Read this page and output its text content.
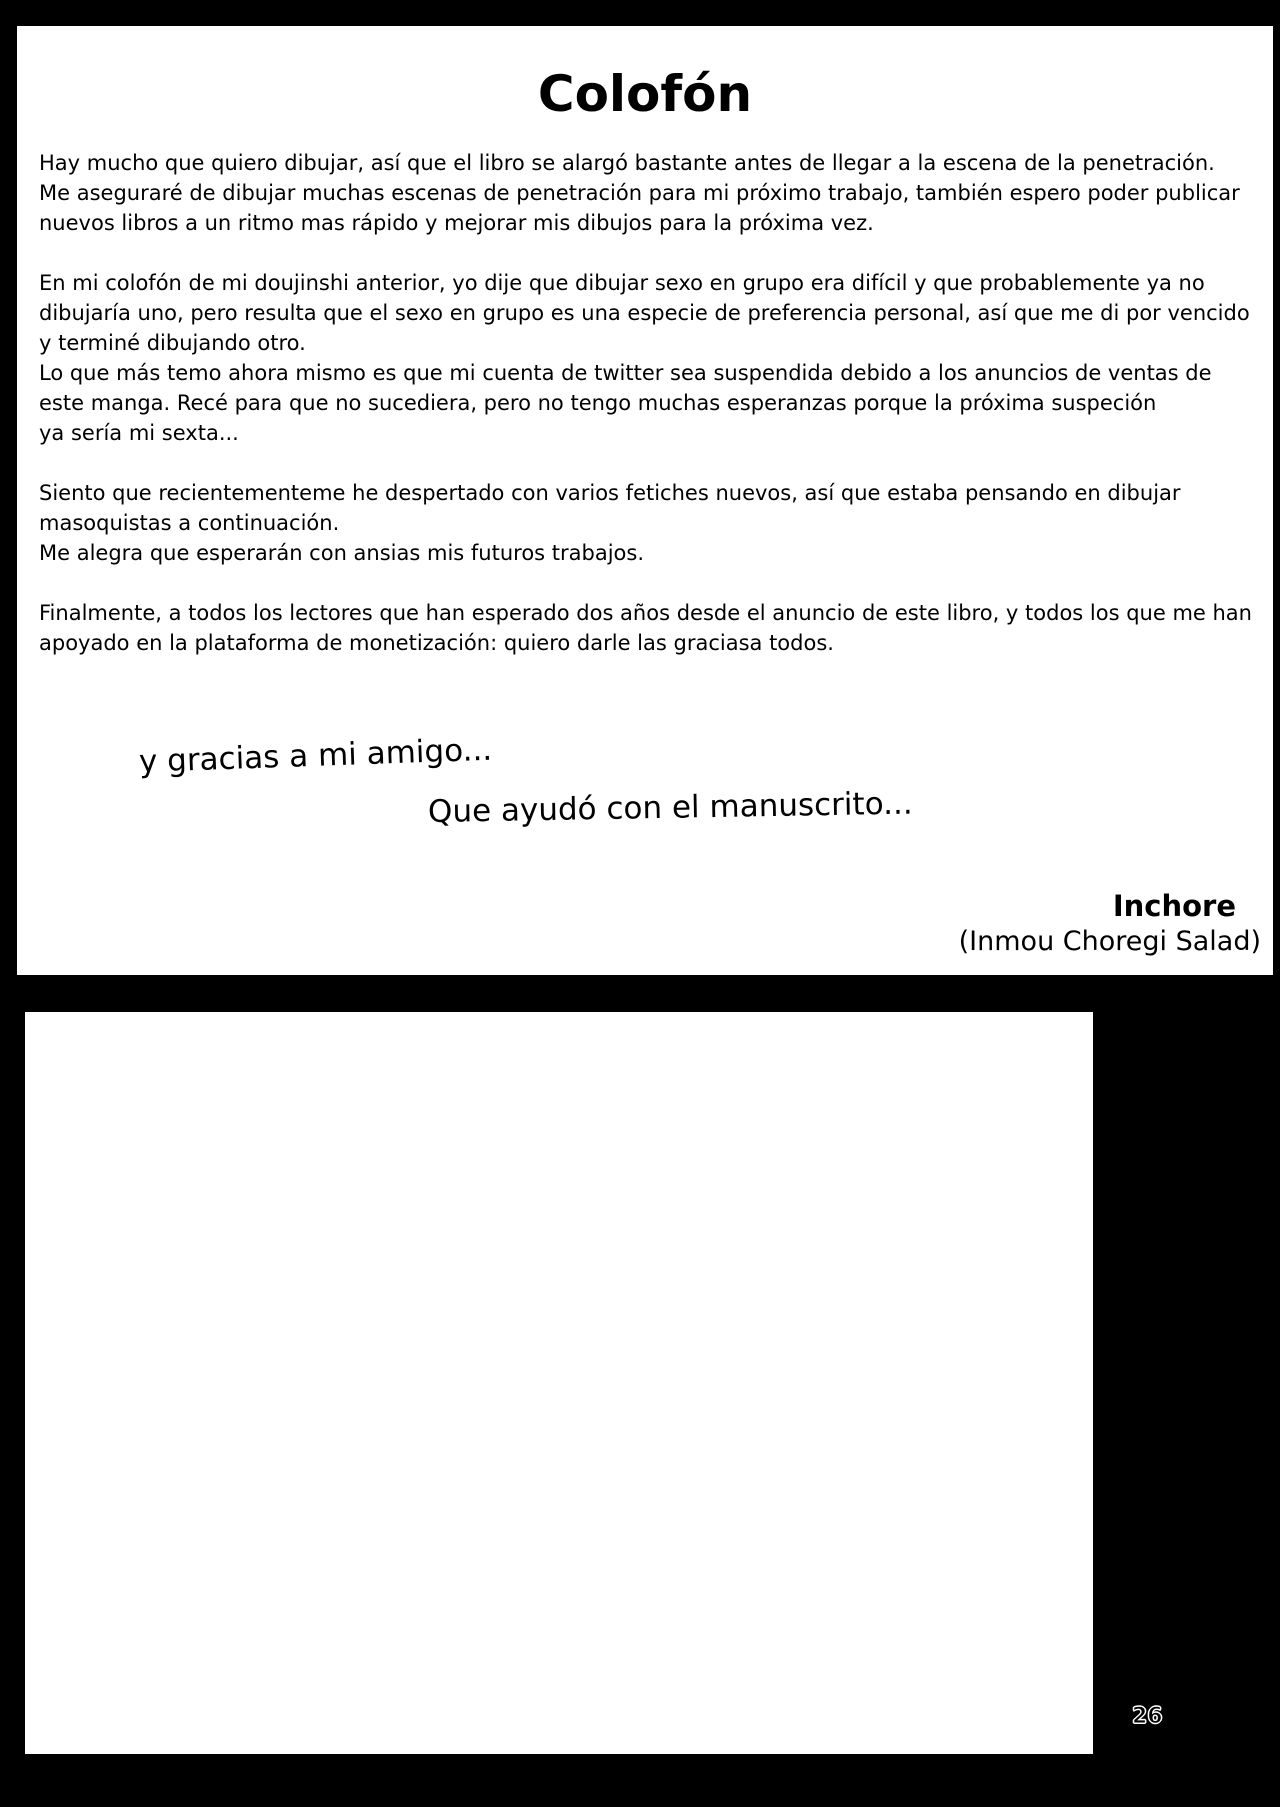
Colofón

Hay mucho que quiero dibujar, así que el libro se alargó bastante antes de llegar a la escena de la penetración.
Me aseguraré de dibujar muchas escenas de penetración para mi próximo trabajo, también espero poder publicar nuevos libros a un ritmo mas rápido y mejorar mis dibujos para la próxima vez.

En mi colofón de mi doujinshi anterior, yo dije que dibujar sexo en grupo era difícil y que probablemente ya no dibujaría uno, pero resulta que el sexo en grupo es una especie de preferencia personal, así que me di por vencido y terminé dibujando otro.
Lo que más temo ahora mismo es que mi cuenta de twitter sea suspendida debido a los anuncios de ventas de este manga. Recé para que no sucediera, pero no tengo muchas esperanzas porque la próxima suspeción
ya sería mi sexta...

Siento que recientementeme he despertado con varios fetiches nuevos, así que estaba pensando en dibujar masoquistas a continuación.
Me alegra que esperarán con ansias mis futuros trabajos.

Finalmente, a todos los lectores que han esperado dos años desde el anuncio de este libro, y todos los que me han apoyado en la plataforma de monetización: quiero darle las graciasa todos.

y gracias a mi amigo...
Que ayudó con el manuscrito...
Inchore
(Inmou Choregi Salad)
26
